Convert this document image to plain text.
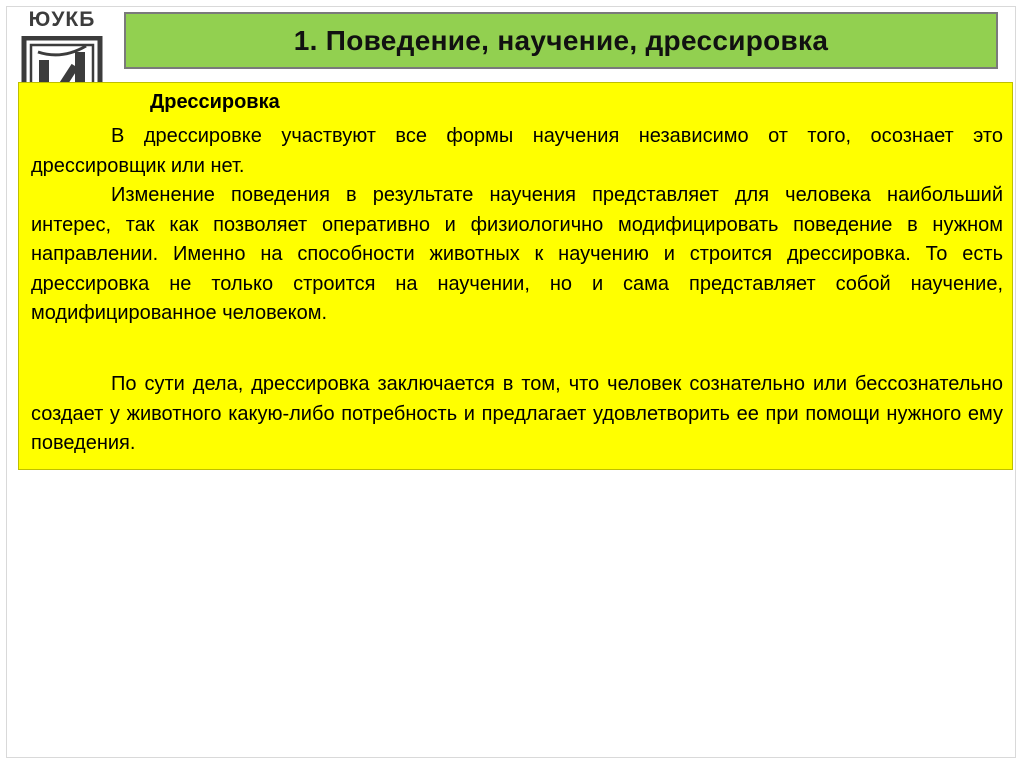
ЮУКБ
1. Поведение, научение, дрессировка
Дрессировка

В дрессировке участвуют все формы научения независимо от того, осознает это дрессировщик или нет.

Изменение поведения в результате научения представляет для человека наибольший интерес, так как позволяет оперативно и физиологично модифицировать поведение в нужном направлении. Именно на способности животных к научению и строится дрессировка. То есть дрессировка не только строится на научении, но и сама представляет собой научение, модифицированное человеком.

По сути дела, дрессировка заключается в том, что человек сознательно или бессознательно создает у животного какую-либо потребность и предлагает удовлетворить ее при помощи нужного ему поведения.
